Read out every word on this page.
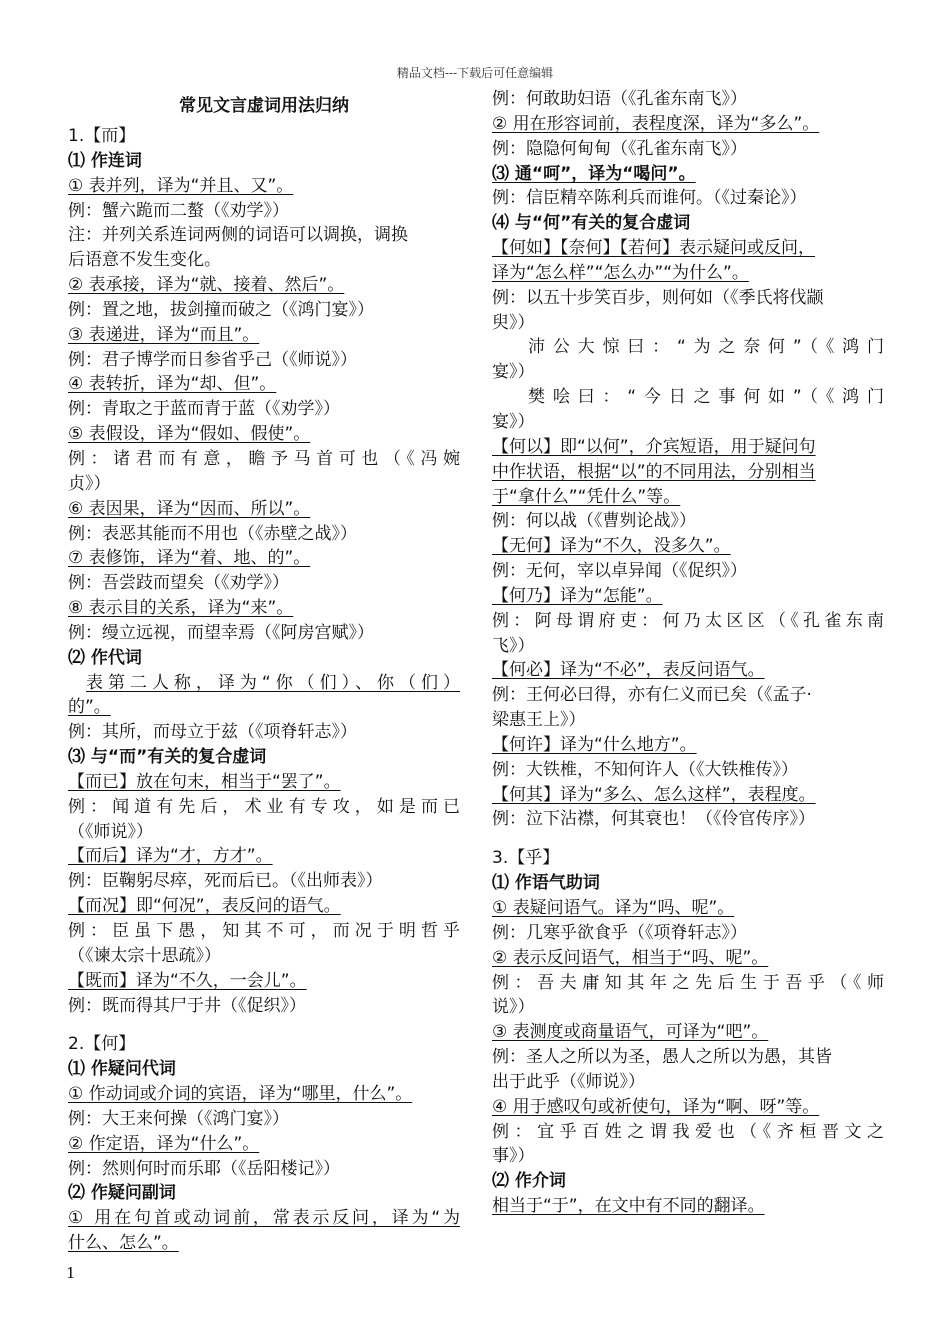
精品文档---下载后可任意编辑
常见文言虚词用法归纳
1.【而】
⑴ 作连词
① 表并列，译为“并且、又”。
例：蟹六跪而二螯（《劝学》）
注：并列关系连词两侧的词语可以调换，调换
后语意不发生变化。
② 表承接，译为“就、接着、然后”。
例：置之地，拔剑撞而破之（《鸿门宴》）
③ 表递进，译为“而且”。
例：君子博学而日参省乎己（《师说》）
④ 表转折，译为“却、但”。
例：青取之于蓝而青于蓝（《劝学》）
⑤ 表假设，译为“假如、假使”。
例：诸君而有意，瞻予马首可也（《冯婉
贞》）
⑥ 表因果，译为“因而、所以”。
例：表恶其能而不用也（《赤壁之战》）
⑦ 表修饰，译为“着、地、的”。
例：吾尝跂而望矣（《劝学》）
⑧ 表示目的关系，译为“来”。
例：缦立远视，而望幸焉（《阿房宫赋》）
⑵ 作代词
表第二人称，译为“你（们）、你（们）
的”。
例：其所，而母立于兹（《项脊轩志》）
⑶ 与“而”有关的复合虚词
【而已】放在句末，相当于“罢了”。
例：闻道有先后，术业有专攻，如是而已
（《师说》）
【而后】译为“才，方才”。
例：臣鞠躬尽瘁，死而后已。（《出师表》）
【而况】即“何况”，表反问的语气。
例：臣虽下愚，知其不可，而况于明哲乎
（《谏太宗十思疏》）
【既而】译为“不久，一会儿”。
例：既而得其尸于井（《促织》）
2.【何】
⑴ 作疑问代词
① 作动词或介词的宾语，译为“哪里，什么”。
例：大王来何操（《鸿门宴》）
② 作定语，译为“什么”。
例：然则何时而乐耶（《岳阳楼记》）
⑵ 作疑问副词
① 用在句首或动词前，常表示反问，译为“为
什么、怎么”。
例：何敢助妇语（《孔雀东南飞》）
② 用在形容词前，表程度深，译为“多么”。
例：隐隐何甸甸（《孔雀东南飞》）
⑶ 通“呵”，译为“喝问”。
例：信臣精卒陈利兵而谁何。（《过秦论》）
⑷ 与“何”有关的复合虚词
【何如】【奈何】【若何】表示疑问或反问，
译为“怎么样”“怎么办”“为什么”。
例：以五十步笑百步，则何如（《季氏将伐颛
臾》）
沛公大惊曰：“为之奈何”（《鸿门
宴》）
樊哙曰：“今日之事何如”（《鸿门
宴》）
【何以】即“以何”，介宾短语，用于疑问句
中作状语，根据“以”的不同用法，分别相当
于“拿什么”“凭什么”等。
例：何以战（《曹刿论战》）
【无何】译为“不久，没多久”。
例：无何，宰以卓异闻（《促织》）
【何乃】译为“怎能”。
例：阿母谓府吏：何乃太区区（《孔雀东南
飞》）
【何必】译为“不必”，表反问语气。
例：王何必曰得，亦有仁义而已矣（《孟子·
梁惠王上》）
【何许】译为“什么地方”。
例：大铁椎，不知何许人（《大铁椎传》）
【何其】译为“多么、怎么这样”，表程度。
例：泣下沾襟，何其衰也！（《伶官传序》）
3.【乎】
⑴ 作语气助词
① 表疑问语气。译为“吗、呢”。
例：几寒乎欲食乎（《项脊轩志》）
② 表示反问语气，相当于“吗、呢”。
例：吾夫庸知其年之先后生于吾乎（《师
说》）
③ 表测度或商量语气，可译为“吧”。
例：圣人之所以为圣，愚人之所以为愚，其皆
出于此乎（《师说》）
④ 用于感叹句或祈使句，译为“啊、呀”等。
例：宜乎百姓之谓我爱也（《齐桓晋文之
事》）
⑵ 作介词
相当于“于”，在文中有不同的翻译。
1
